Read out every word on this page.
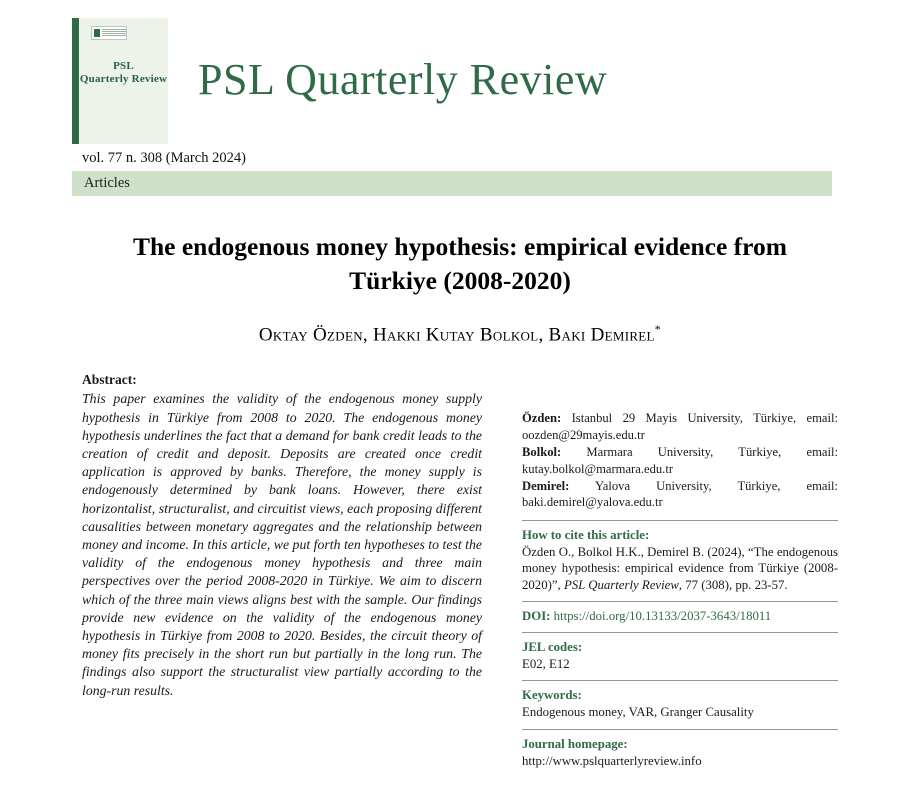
PSL
Quarterly Review PSL Quarterly Review
vol. 77 n. 308 (March 2024)
Articles
The endogenous money hypothesis: empirical evidence from Türkiye (2008-2020)
Oktay Özden, Hakki Kutay Bolkol, Baki Demirel*
Abstract:

This paper examines the validity of the endogenous money supply hypothesis in Türkiye from 2008 to 2020. The endogenous money hypothesis underlines the fact that a demand for bank credit leads to the creation of credit and deposit. Deposits are created once credit application is approved by banks. Therefore, the money supply is endogenously determined by bank loans. However, there exist horizontalist, structuralist, and circuitist views, each proposing different causalities between monetary aggregates and the relationship between money and income. In this article, we put forth ten hypotheses to test the validity of the endogenous money hypothesis and three main perspectives over the period 2008-2020 in Türkiye. We aim to discern which of the three main views aligns best with the sample. Our findings provide new evidence on the validity of the endogenous money hypothesis in Türkiye from 2008 to 2020. Besides, the circuit theory of money fits precisely in the short run but partially in the long run. The findings also support the structuralist view partially according to the long-run results.

Özden: Istanbul 29 Mayis University, Türkiye, email: oozden@29mayis.edu.tr
Bolkol: Marmara University, Türkiye, email: kutay.bolkol@marmara.edu.tr
Demirel: Yalova University, Türkiye, email: baki.demirel@yalova.edu.tr
How to cite this article:
Özden O., Bolkol H.K., Demirel B. (2024), “The endogenous money hypothesis: empirical evidence from Türkiye (2008-2020)”, PSL Quarterly Review, 77 (308), pp. 23-57.
DOI: https://doi.org/10.13133/2037-3643/18011
JEL codes:
E02, E12
Keywords:
Endogenous money, VAR, Granger Causality
Journal homepage:
http://www.pslquarterlyreview.info
